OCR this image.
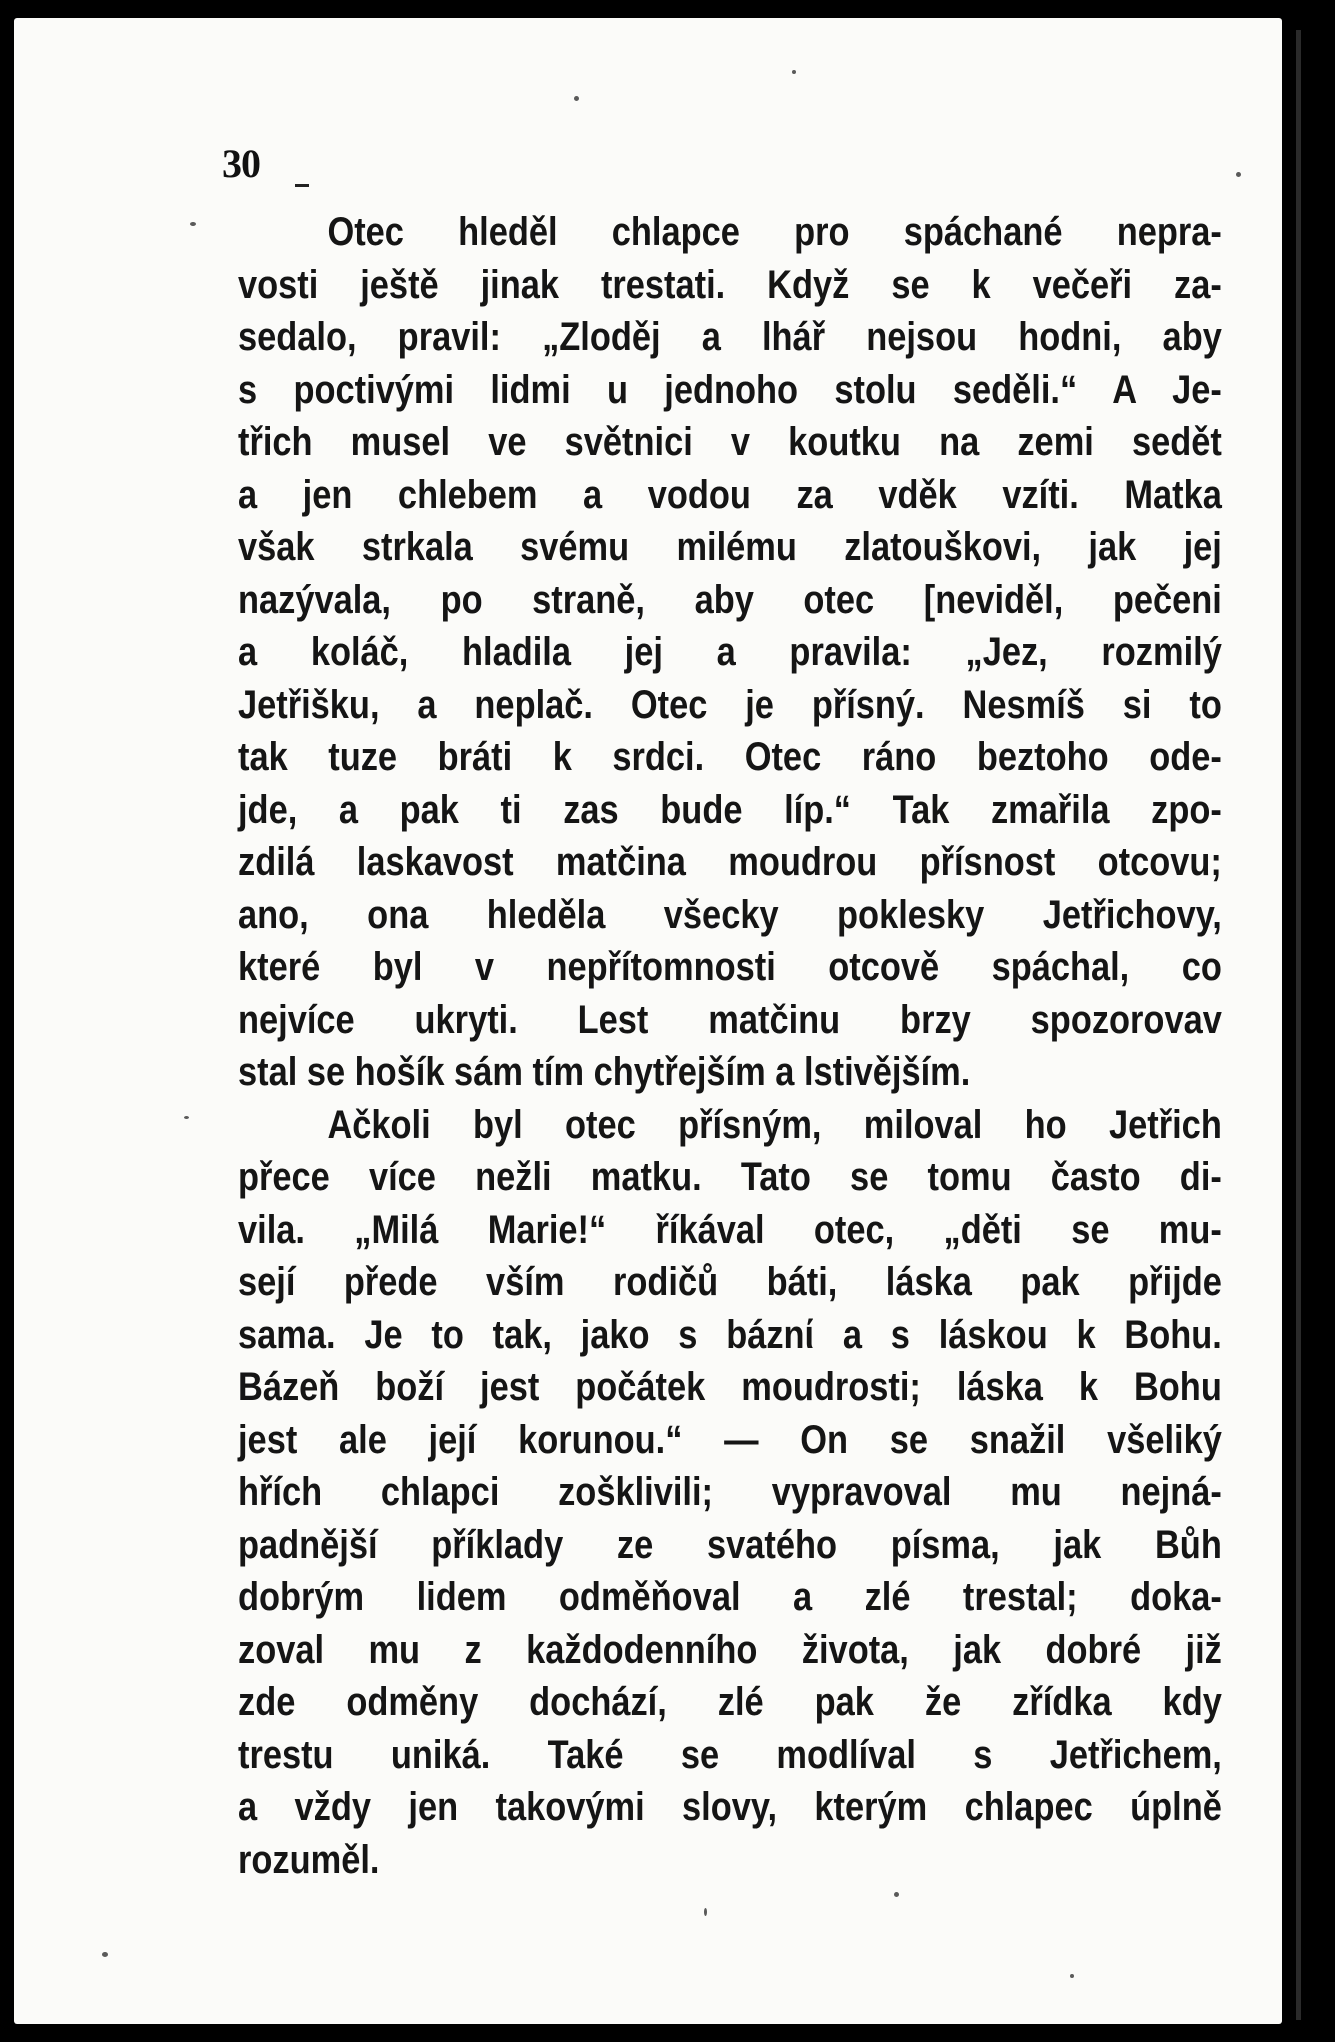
30
Otec hleděl chlapce pro spáchané nepra-
vosti ještě jinak trestati. Když se k večeři za-
sedalo, pravil: „Zloděj a lhář nejsou hodni, aby
s poctivými lidmi u jednoho stolu seděli.“ A Je-
třich musel ve světnici v koutku na zemi sedět
a jen chlebem a vodou za vděk vzíti. Matka
však strkala svému milému zlatouškovi, jak jej
nazývala, po straně, aby otec [neviděl, pečeni
a koláč, hladila jej a pravila: „Jez, rozmilý
Jetřišku, a neplač. Otec je přísný. Nesmíš si to
tak tuze bráti k srdci. Otec ráno beztoho ode-
jde, a pak ti zas bude líp.“ Tak zmařila zpo-
zdilá laskavost matčina moudrou přísnost otcovu;
ano, ona hleděla všecky poklesky Jetřichovy,
které byl v nepřítomnosti otcově spáchal, co
nejvíce ukryti. Lest matčinu brzy spozorovav
stal se hošík sám tím chytřejším a lstivějším.
Ačkoli byl otec přísným, miloval ho Jetřich
přece více nežli matku. Tato se tomu často di-
vila. „Milá Marie!“ říkával otec, „děti se mu-
sejí přede vším rodičů báti, láska pak přijde
sama. Je to tak, jako s báznί a s láskou k Bohu.
Bázeň boží jest počátek moudrosti; láska k Bohu
jest ale její korunou.“ — On se snažil všeliký
hřích chlapci zošklivili; vypravoval mu nejná-
padnější příklady ze svatého písma, jak Bůh
dobrým lidem odměňoval a zlé trestal; doka-
zoval mu z každodenního života, jak dobré již
zde odměny dochází, zlé pak že zřídka kdy
trestu uniká. Také se modlíval s Jetřichem,
a vždy jen takovými slovy, kterým chlapec úplně
rozuměl.
